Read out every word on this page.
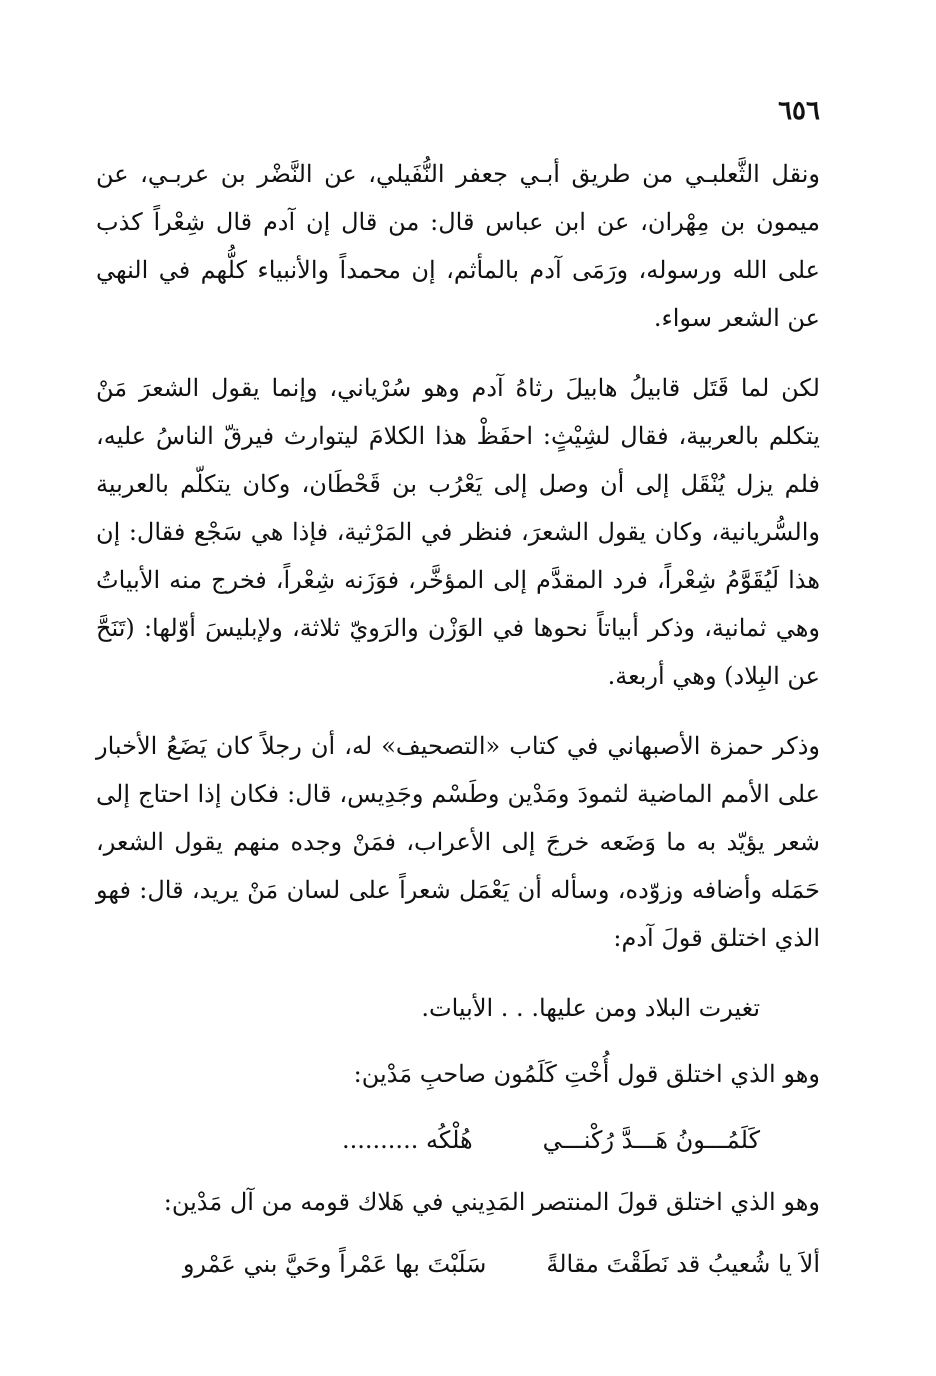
٦٥٦

ونقل الثَّعلبـي من طريق أبـي جعفر النُّفَيلي، عن النَّضْر بن عربـي، عن ميمون بن مِهْران، عن ابن عباس قال: من قال إن آدم قال شِعْراً كذب على الله ورسوله، ورَمَى آدم بالمأثم، إن محمداً والأنبياء كلُّهم في النهي عن الشعر سواء.

لكن لما قَتَل قابيلُ هابيلَ رثاهُ آدم وهو سُرْياني، وإنما يقول الشعرَ مَنْ يتكلم بالعربية، فقال لشِيْثٍ: احفَظْ هذا الكلامَ ليتوارث فيرقّ الناسُ عليه، فلم يزل يُنْقَل إلى أن وصل إلى يَعْرُب بن قَحْطَان، وكان يتكلّم بالعربية والسُّريانية، وكان يقول الشعرَ، فنظر في المَرْثية، فإذا هي سَجْع فقال: إن هذا لَيُقَوَّمُ شِعْراً، فرد المقدَّم إلى المؤخَّر، فوَزَنه شِعْراً، فخرج منه الأبياتُ وهي ثمانية، وذكر أبياتاً نحوها في الوَزْن والرَويّ ثلاثة، ولإبليسَ أوّلها: (تَنَحَّ عن البِلاد) وهي أربعة.

وذكر حمزة الأصبهاني في كتاب «التصحيف» له، أن رجلاً كان يَضَعُ الأخبار على الأمم الماضية لثمودَ ومَدْين وطَسْم وجَدِيس، قال: فكان إذا احتاج إلى شعر يؤيّد به ما وَضَعه خرجَ إلى الأعراب، فمَنْ وجده منهم يقول الشعر، حَمَله وأضافه وزوّده، وسأله أن يَعْمَل شعراً على لسان مَنْ يريد، قال: فهو الذي اختلق قولَ آدم:

تغيرت البلاد ومن عليها. . . الأبيات.
وهو الذي اختلق قول أُخْتِ كَلَمُون صاحبِ مَدْين:
كَلَمُـــونُ هَـــدَّ رُكْنـــي
هُلْكُه ..........
وهو الذي اختلق قولَ المنتصر المَدِيني في هَلاك قومه من آل مَدْين:
ألاَ يا شُعيبُ قد نَطَقْتَ مقالةً
سَلَبْتَ بها عَمْراً وحَيَّ بني عَمْرو
